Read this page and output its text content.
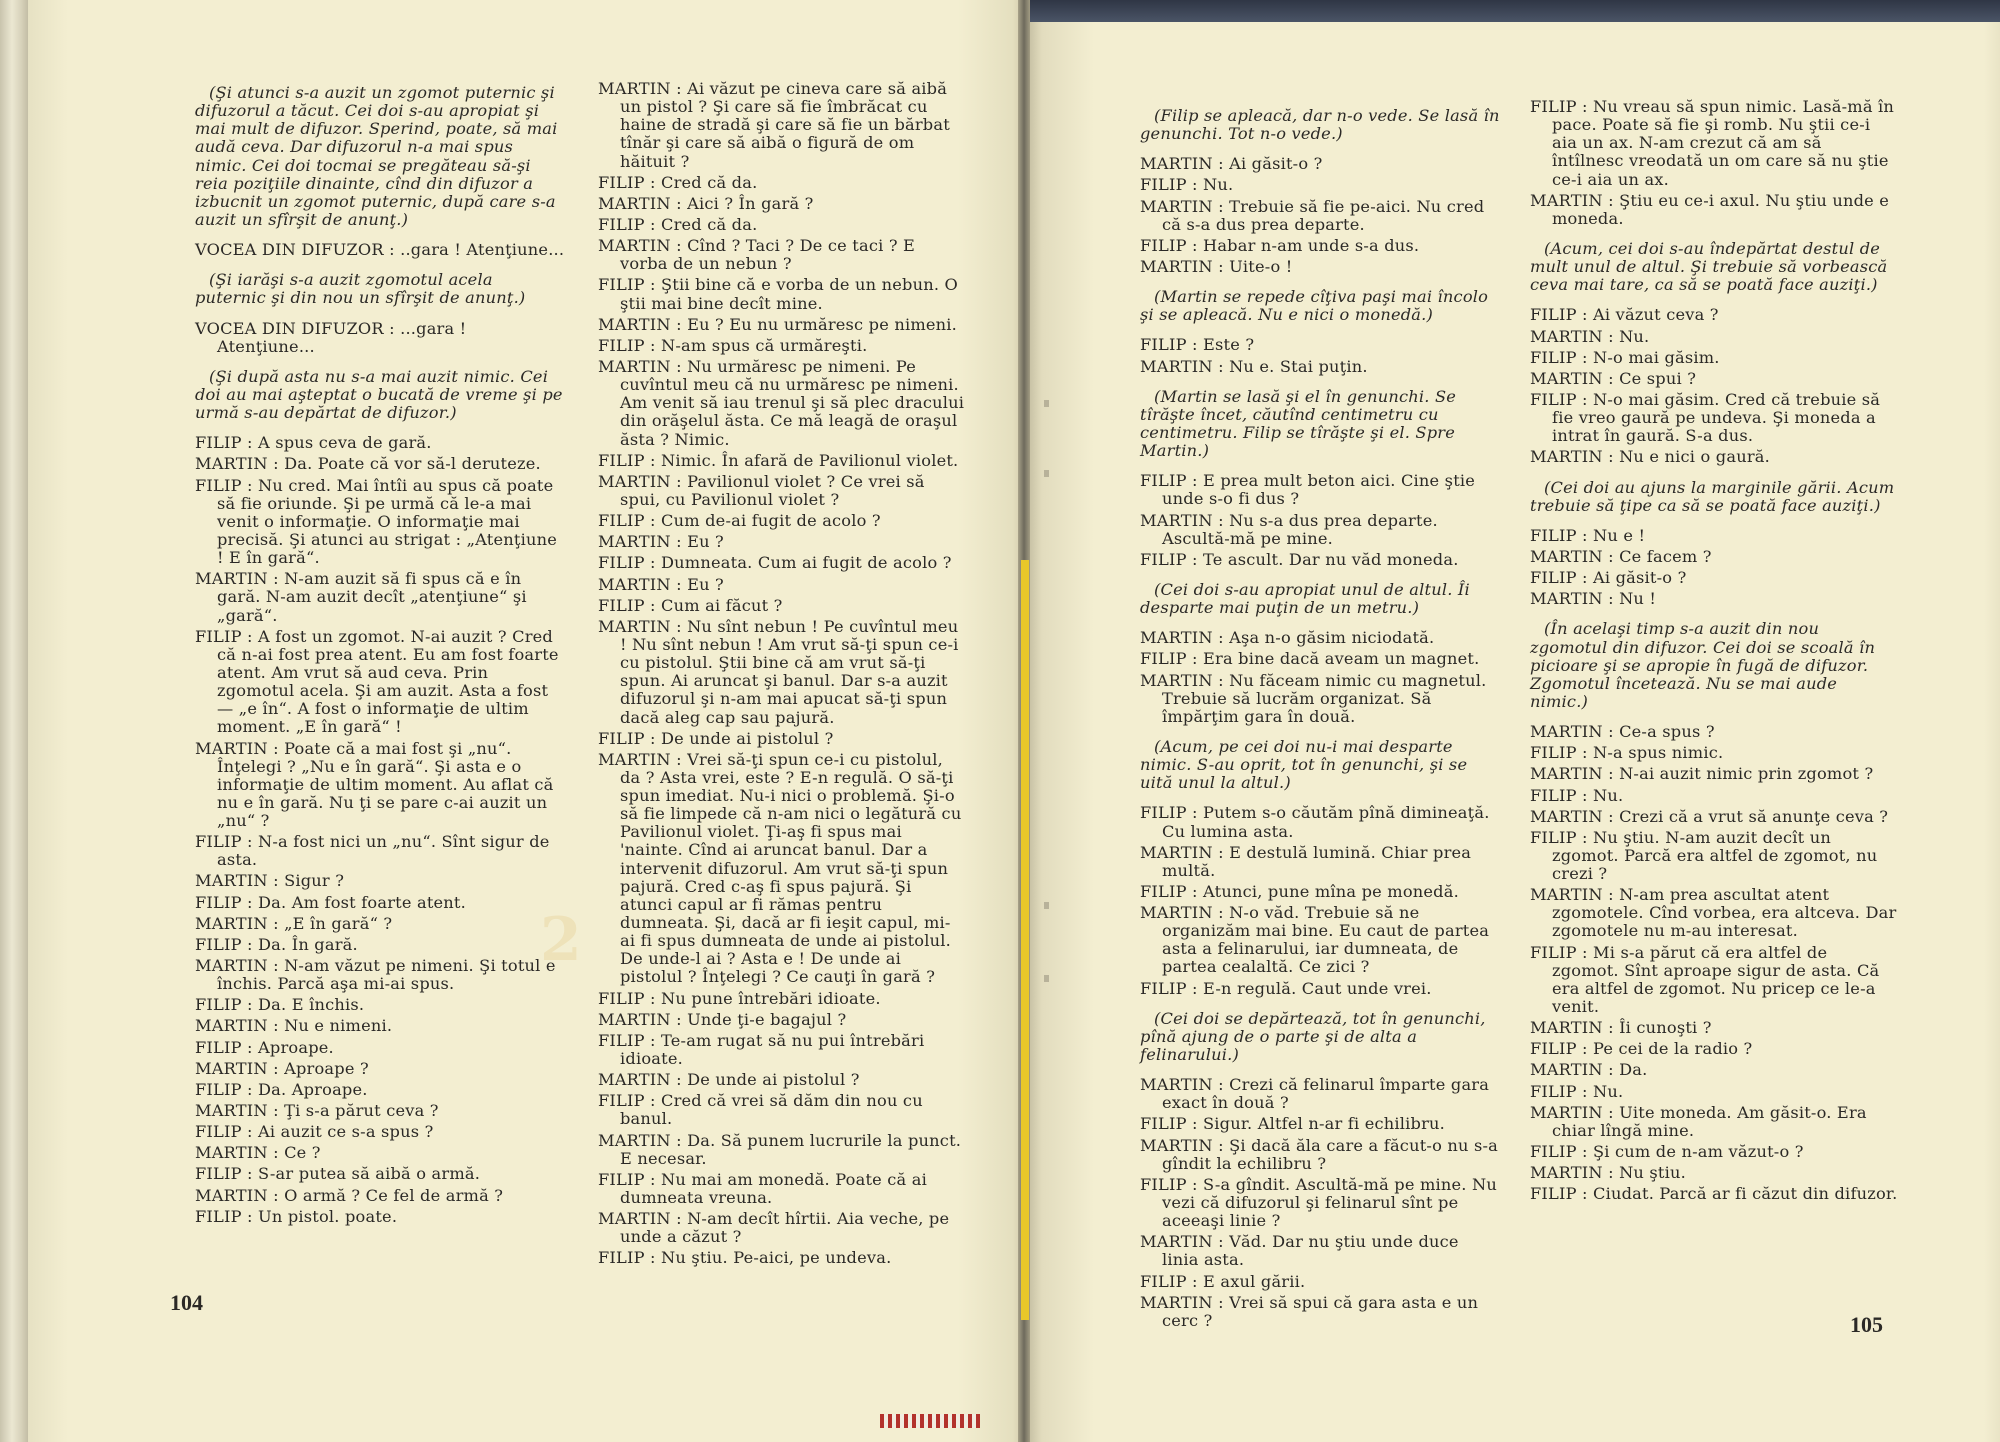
2

(Şi atunci s-a auzit un zgomot puternic şi difuzorul a tăcut. Cei doi s-au apropiat şi mai mult de difuzor. Sperind, poate, să mai audă ceva. Dar difuzorul n-a mai spus nimic. Cei doi tocmai se pregăteau să-şi reia poziţiile dinainte, cînd din difuzor a izbucnit un zgomot puternic, după care s-a auzit un sfîrşit de anunţ.)

VOCEA DIN DIFUZOR : ..gara ! Atenţiune...

(Şi iarăşi s-a auzit zgomotul acela puternic şi din nou un sfîrşit de anunţ.)

VOCEA DIN DIFUZOR : ...gara ! Atenţiune...

(Şi după asta nu s-a mai auzit nimic. Cei doi au mai aşteptat o bucată de vreme şi pe urmă s-au depărtat de difuzor.)

FILIP : A spus ceva de gară.

MARTIN : Da. Poate că vor să-l deruteze.

FILIP : Nu cred. Mai întîi au spus că poate să fie oriunde. Şi pe urmă că le-a mai venit o informaţie. O informaţie mai precisă. Şi atunci au strigat : „Atenţiune ! E în gară“.

MARTIN : N-am auzit să fi spus că e în gară. N-am auzit decît „atenţiune“ şi „gară“.

FILIP : A fost un zgomot. N-ai auzit ? Cred că n-ai fost prea atent. Eu am fost foarte atent. Am vrut să aud ceva. Prin zgomotul acela. Şi am auzit. Asta a fost — „e în“. A fost o informaţie de ultim moment. „E în gară“ !

MARTIN : Poate că a mai fost şi „nu“. Înţelegi ? „Nu e în gară“. Şi asta e o informaţie de ultim moment. Au aflat că nu e în gară. Nu ţi se pare c-ai auzit un „nu“ ?

FILIP : N-a fost nici un „nu“. Sînt sigur de asta.

MARTIN : Sigur ?

FILIP : Da. Am fost foarte atent.

MARTIN : „E în gară“ ?

FILIP : Da. În gară.

MARTIN : N-am văzut pe nimeni. Şi totul e închis. Parcă aşa mi-ai spus.

FILIP : Da. E închis.

MARTIN : Nu e nimeni.

FILIP : Aproape.

MARTIN : Aproape ?

FILIP : Da. Aproape.

MARTIN : Ţi s-a părut ceva ?

FILIP : Ai auzit ce s-a spus ?

MARTIN : Ce ?

FILIP : S-ar putea să aibă o armă.

MARTIN : O armă ? Ce fel de armă ?

FILIP : Un pistol. poate.

MARTIN : Ai văzut pe cineva care să aibă un pistol ? Şi care să fie îmbrăcat cu haine de stradă şi care să fie un bărbat tînăr şi care să aibă o figură de om hăituit ?

FILIP : Cred că da.

MARTIN : Aici ? În gară ?

FILIP : Cred că da.

MARTIN : Cînd ? Taci ? De ce taci ? E vorba de un nebun ?

FILIP : Ştii bine că e vorba de un nebun. O ştii mai bine decît mine.

MARTIN : Eu ? Eu nu urmăresc pe nimeni.

FILIP : N-am spus că urmăreşti.

MARTIN : Nu urmăresc pe nimeni. Pe cuvîntul meu că nu urmăresc pe nimeni. Am venit să iau trenul şi să plec dracului din orăşelul ăsta. Ce mă leagă de oraşul ăsta ? Nimic.

FILIP : Nimic. În afară de Pavilionul violet.

MARTIN : Pavilionul violet ? Ce vrei să spui, cu Pavilionul violet ?

FILIP : Cum de-ai fugit de acolo ?

MARTIN : Eu ?

FILIP : Dumneata. Cum ai fugit de acolo ?

MARTIN : Eu ?

FILIP : Cum ai făcut ?

MARTIN : Nu sînt nebun ! Pe cuvîntul meu ! Nu sînt nebun ! Am vrut să-ţi spun ce-i cu pistolul. Ştii bine că am vrut să-ţi spun. Ai aruncat şi banul. Dar s-a auzit difuzorul şi n-am mai apucat să-ţi spun dacă aleg cap sau pajură.

FILIP : De unde ai pistolul ?

MARTIN : Vrei să-ţi spun ce-i cu pistolul, da ? Asta vrei, este ? E-n regulă. O să-ţi spun imediat. Nu-i nici o problemă. Şi-o să fie limpede că n-am nici o legătură cu Pavilionul violet. Ţi-aş fi spus mai 'nainte. Cînd ai aruncat banul. Dar a intervenit difuzorul. Am vrut să-ţi spun pajură. Cred c-aş fi spus pajură. Şi atunci capul ar fi rămas pentru dumneata. Şi, dacă ar fi ieşit capul, mi-ai fi spus dumneata de unde ai pistolul. De unde-l ai ? Asta e ! De unde ai pistolul ? Înţelegi ? Ce cauţi în gară ?

FILIP : Nu pune întrebări idioate.

MARTIN : Unde ţi-e bagajul ?

FILIP : Te-am rugat să nu pui întrebări idioate.

MARTIN : De unde ai pistolul ?

FILIP : Cred că vrei să dăm din nou cu banul.

MARTIN : Da. Să punem lucrurile la punct. E necesar.

FILIP : Nu mai am monedă. Poate că ai dumneata vreuna.

MARTIN : N-am decît hîrtii. Aia veche, pe unde a căzut ?

FILIP : Nu ştiu. Pe-aici, pe undeva.

(Filip se apleacă, dar n-o vede. Se lasă în genunchi. Tot n-o vede.)

MARTIN : Ai găsit-o ?

FILIP : Nu.

MARTIN : Trebuie să fie pe-aici. Nu cred că s-a dus prea departe.

FILIP : Habar n-am unde s-a dus.

MARTIN : Uite-o !

(Martin se repede cîţiva paşi mai încolo şi se apleacă. Nu e nici o monedă.)

FILIP : Este ?

MARTIN : Nu e. Stai puţin.

(Martin se lasă şi el în genunchi. Se tîrăşte încet, căutînd centimetru cu centimetru. Filip se tîrăşte şi el. Spre Martin.)

FILIP : E prea mult beton aici. Cine ştie unde s-o fi dus ?

MARTIN : Nu s-a dus prea departe. Ascultă-mă pe mine.

FILIP : Te ascult. Dar nu văd moneda.

(Cei doi s-au apropiat unul de altul. Îi desparte mai puţin de un metru.)

MARTIN : Aşa n-o găsim niciodată.

FILIP : Era bine dacă aveam un magnet.

MARTIN : Nu făceam nimic cu magnetul. Trebuie să lucrăm organizat. Să împărţim gara în două.

(Acum, pe cei doi nu-i mai desparte nimic. S-au oprit, tot în genunchi, şi se uită unul la altul.)

FILIP : Putem s-o căutăm pînă dimineaţă. Cu lumina asta.

MARTIN : E destulă lumină. Chiar prea multă.

FILIP : Atunci, pune mîna pe monedă.

MARTIN : N-o văd. Trebuie să ne organizăm mai bine. Eu caut de partea asta a felinarului, iar dumneata, de partea cealaltă. Ce zici ?

FILIP : E-n regulă. Caut unde vrei.

(Cei doi se depărtează, tot în genunchi, pînă ajung de o parte şi de alta a felinarului.)

MARTIN : Crezi că felinarul împarte gara exact în două ?

FILIP : Sigur. Altfel n-ar fi echilibru.

MARTIN : Şi dacă ăla care a făcut-o nu s-a gîndit la echilibru ?

FILIP : S-a gîndit. Ascultă-mă pe mine. Nu vezi că difuzorul şi felinarul sînt pe aceeaşi linie ?

MARTIN : Văd. Dar nu ştiu unde duce linia asta.

FILIP : E axul gării.

MARTIN : Vrei să spui că gara asta e un cerc ?

FILIP : Nu vreau să spun nimic. Lasă-mă în pace. Poate să fie şi romb. Nu ştii ce-i aia un ax. N-am crezut că am să întîlnesc vreodată un om care să nu ştie ce-i aia un ax.

MARTIN : Ştiu eu ce-i axul. Nu ştiu unde e moneda.

(Acum, cei doi s-au îndepărtat destul de mult unul de altul. Şi trebuie să vorbească ceva mai tare, ca să se poată face auziţi.)

FILIP : Ai văzut ceva ?

MARTIN : Nu.

FILIP : N-o mai găsim.

MARTIN : Ce spui ?

FILIP : N-o mai găsim. Cred că trebuie să fie vreo gaură pe undeva. Şi moneda a intrat în gaură. S-a dus.

MARTIN : Nu e nici o gaură.

(Cei doi au ajuns la marginile gării. Acum trebuie să ţipe ca să se poată face auziţi.)

FILIP : Nu e !

MARTIN : Ce facem ?

FILIP : Ai găsit-o ?

MARTIN : Nu !

(În acelaşi timp s-a auzit din nou zgomotul din difuzor. Cei doi se scoală în picioare şi se apropie în fugă de difuzor. Zgomotul încetează. Nu se mai aude nimic.)

MARTIN : Ce-a spus ?

FILIP : N-a spus nimic.

MARTIN : N-ai auzit nimic prin zgomot ?

FILIP : Nu.

MARTIN : Crezi că a vrut să anunţe ceva ?

FILIP : Nu ştiu. N-am auzit decît un zgomot. Parcă era altfel de zgomot, nu crezi ?

MARTIN : N-am prea ascultat atent zgomotele. Cînd vorbea, era altceva. Dar zgomotele nu m-au interesat.

FILIP : Mi s-a părut că era altfel de zgomot. Sînt aproape sigur de asta. Că era altfel de zgomot. Nu pricep ce le-a venit.

MARTIN : Îi cunoşti ?

FILIP : Pe cei de la radio ?

MARTIN : Da.

FILIP : Nu.

MARTIN : Uite moneda. Am găsit-o. Era chiar lîngă mine.

FILIP : Şi cum de n-am văzut-o ?

MARTIN : Nu ştiu.

FILIP : Ciudat. Parcă ar fi căzut din difuzor.

104
105
